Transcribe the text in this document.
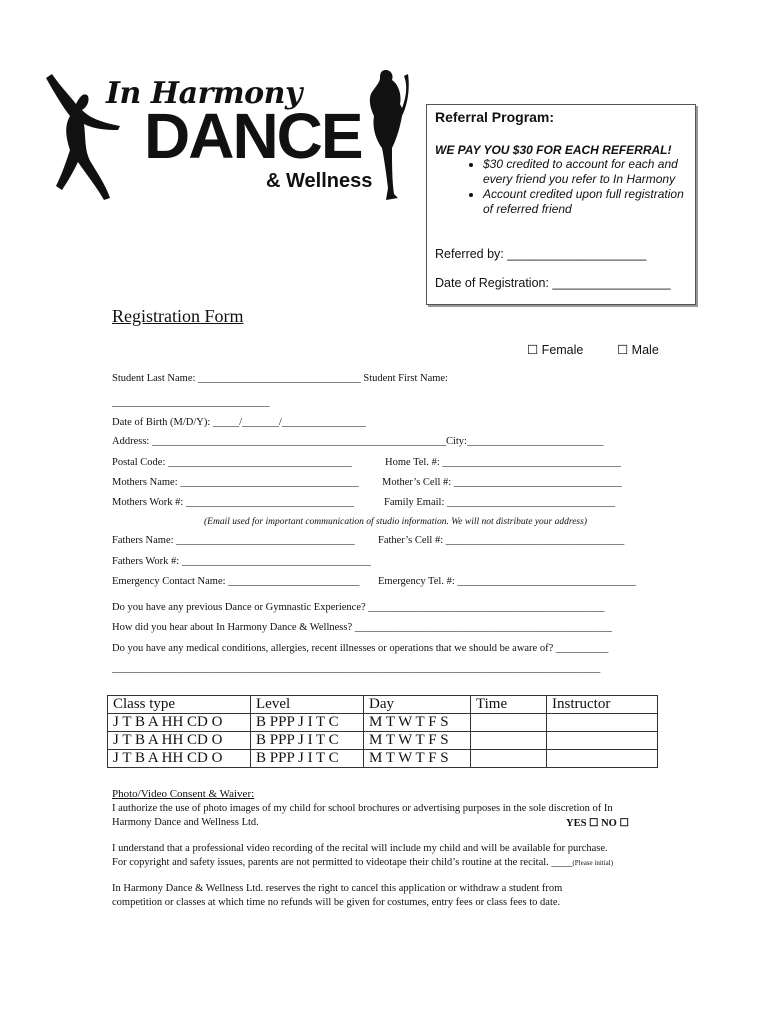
In Harmony
DANCE
& Wellness
Referral Program:
WE PAY YOU $30 FOR EACH REFERRAL!
• $30 credited to account for each and every friend you refer to In Harmony
• Account credited upon full registration of referred friend
Referred by: ____________________
Date of Registration: _________________
Registration Form
☐ Female	☐ Male
Student Last Name: _______________________________ Student First Name:
______________________________
Date of Birth (M/D/Y): _____/_______/________________
Address: ________________________________________________________City:__________________________
Postal Code: ___________________________________	Home Tel. #: __________________________________
Mothers Name: __________________________________ Mother’s Cell #: ________________________________
Mothers Work #: ________________________________	Family Email: ________________________________
(Email used for important communication of studio information. We will not distribute your address)
Fathers Name: __________________________________ Father’s Cell #: __________________________________
Fathers Work #: ____________________________________
Emergency Contact Name: _________________________ Emergency Tel. #: __________________________________
Do you have any previous Dance or Gymnastic Experience? _____________________________________________
How did you hear about In Harmony Dance & Wellness? _________________________________________________
Do you have any medical conditions, allergies, recent illnesses or operations that we should be aware of? __________
_____________________________________________________________________________________________
Class type	Level	Day	Time	Instructor
J T B A HH CD O	B PPP J I T C	M T W T F S		
J T B A HH CD O	B PPP J I T C	M T W T F S		
J T B A HH CD O	B PPP J I T C	M T W T F S		
Photo/Video Consent & Waiver:
I authorize the use of photo images of my child for school brochures or advertising purposes in the sole discretion of In
Harmony Dance and Wellness Ltd.	YES ☐ NO ☐
I understand that a professional video recording of the recital will include my child and will be available for purchase.
For copyright and safety issues, parents are not permitted to videotape their child’s routine at the recital. ____(Please initial)
In Harmony Dance & Wellness Ltd. reserves the right to cancel this application or withdraw a student from
competition or classes at which time no refunds will be given for costumes, entry fees or class fees to date.
